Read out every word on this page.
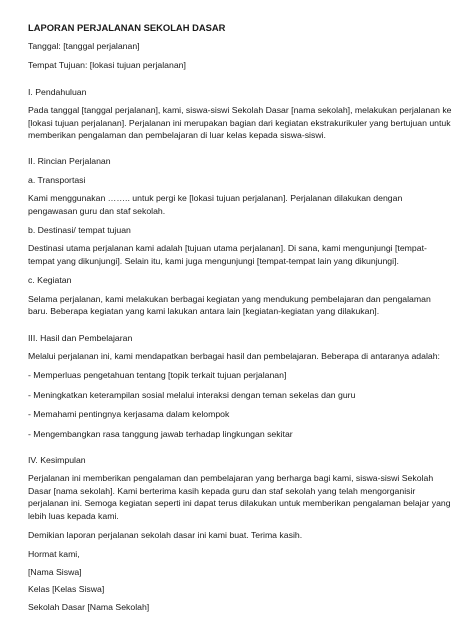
LAPORAN PERJALANAN SEKOLAH DASAR

Tanggal: [tanggal perjalanan]

Tempat Tujuan: [lokasi tujuan perjalanan]

I. Pendahuluan

Pada tanggal [tanggal perjalanan], kami, siswa-siswi Sekolah Dasar [nama sekolah], melakukan perjalanan ke [lokasi tujuan perjalanan]. Perjalanan ini merupakan bagian dari kegiatan ekstrakurikuler yang bertujuan untuk memberikan pengalaman dan pembelajaran di luar kelas kepada siswa-siswi.

II. Rincian Perjalanan
a. Transportasi

Kami menggunakan …….. untuk pergi ke [lokasi tujuan perjalanan]. Perjalanan dilakukan dengan pengawasan guru dan staf sekolah.

b. Destinasi/ tempat tujuan

Destinasi utama perjalanan kami adalah [tujuan utama perjalanan]. Di sana, kami mengunjungi [tempat-tempat yang dikunjungi]. Selain itu, kami juga mengunjungi [tempat-tempat lain yang dikunjungi].

c. Kegiatan

Selama perjalanan, kami melakukan berbagai kegiatan yang mendukung pembelajaran dan pengalaman baru. Beberapa kegiatan yang kami lakukan antara lain [kegiatan-kegiatan yang dilakukan].

III. Hasil dan Pembelajaran

Melalui perjalanan ini, kami mendapatkan berbagai hasil dan pembelajaran. Beberapa di antaranya adalah:

- Memperluas pengetahuan tentang [topik terkait tujuan perjalanan]
- Meningkatkan keterampilan sosial melalui interaksi dengan teman sekelas dan guru
- Memahami pentingnya kerjasama dalam kelompok
- Mengembangkan rasa tanggung jawab terhadap lingkungan sekitar
IV. Kesimpulan

Perjalanan ini memberikan pengalaman dan pembelajaran yang berharga bagi kami, siswa-siswi Sekolah Dasar [nama sekolah]. Kami berterima kasih kepada guru dan staf sekolah yang telah mengorganisir perjalanan ini. Semoga kegiatan seperti ini dapat terus dilakukan untuk memberikan pengalaman belajar yang lebih luas kepada kami.

Demikian laporan perjalanan sekolah dasar ini kami buat. Terima kasih.

Hormat kami,

[Nama Siswa]

Kelas [Kelas Siswa]

Sekolah Dasar [Nama Sekolah]
